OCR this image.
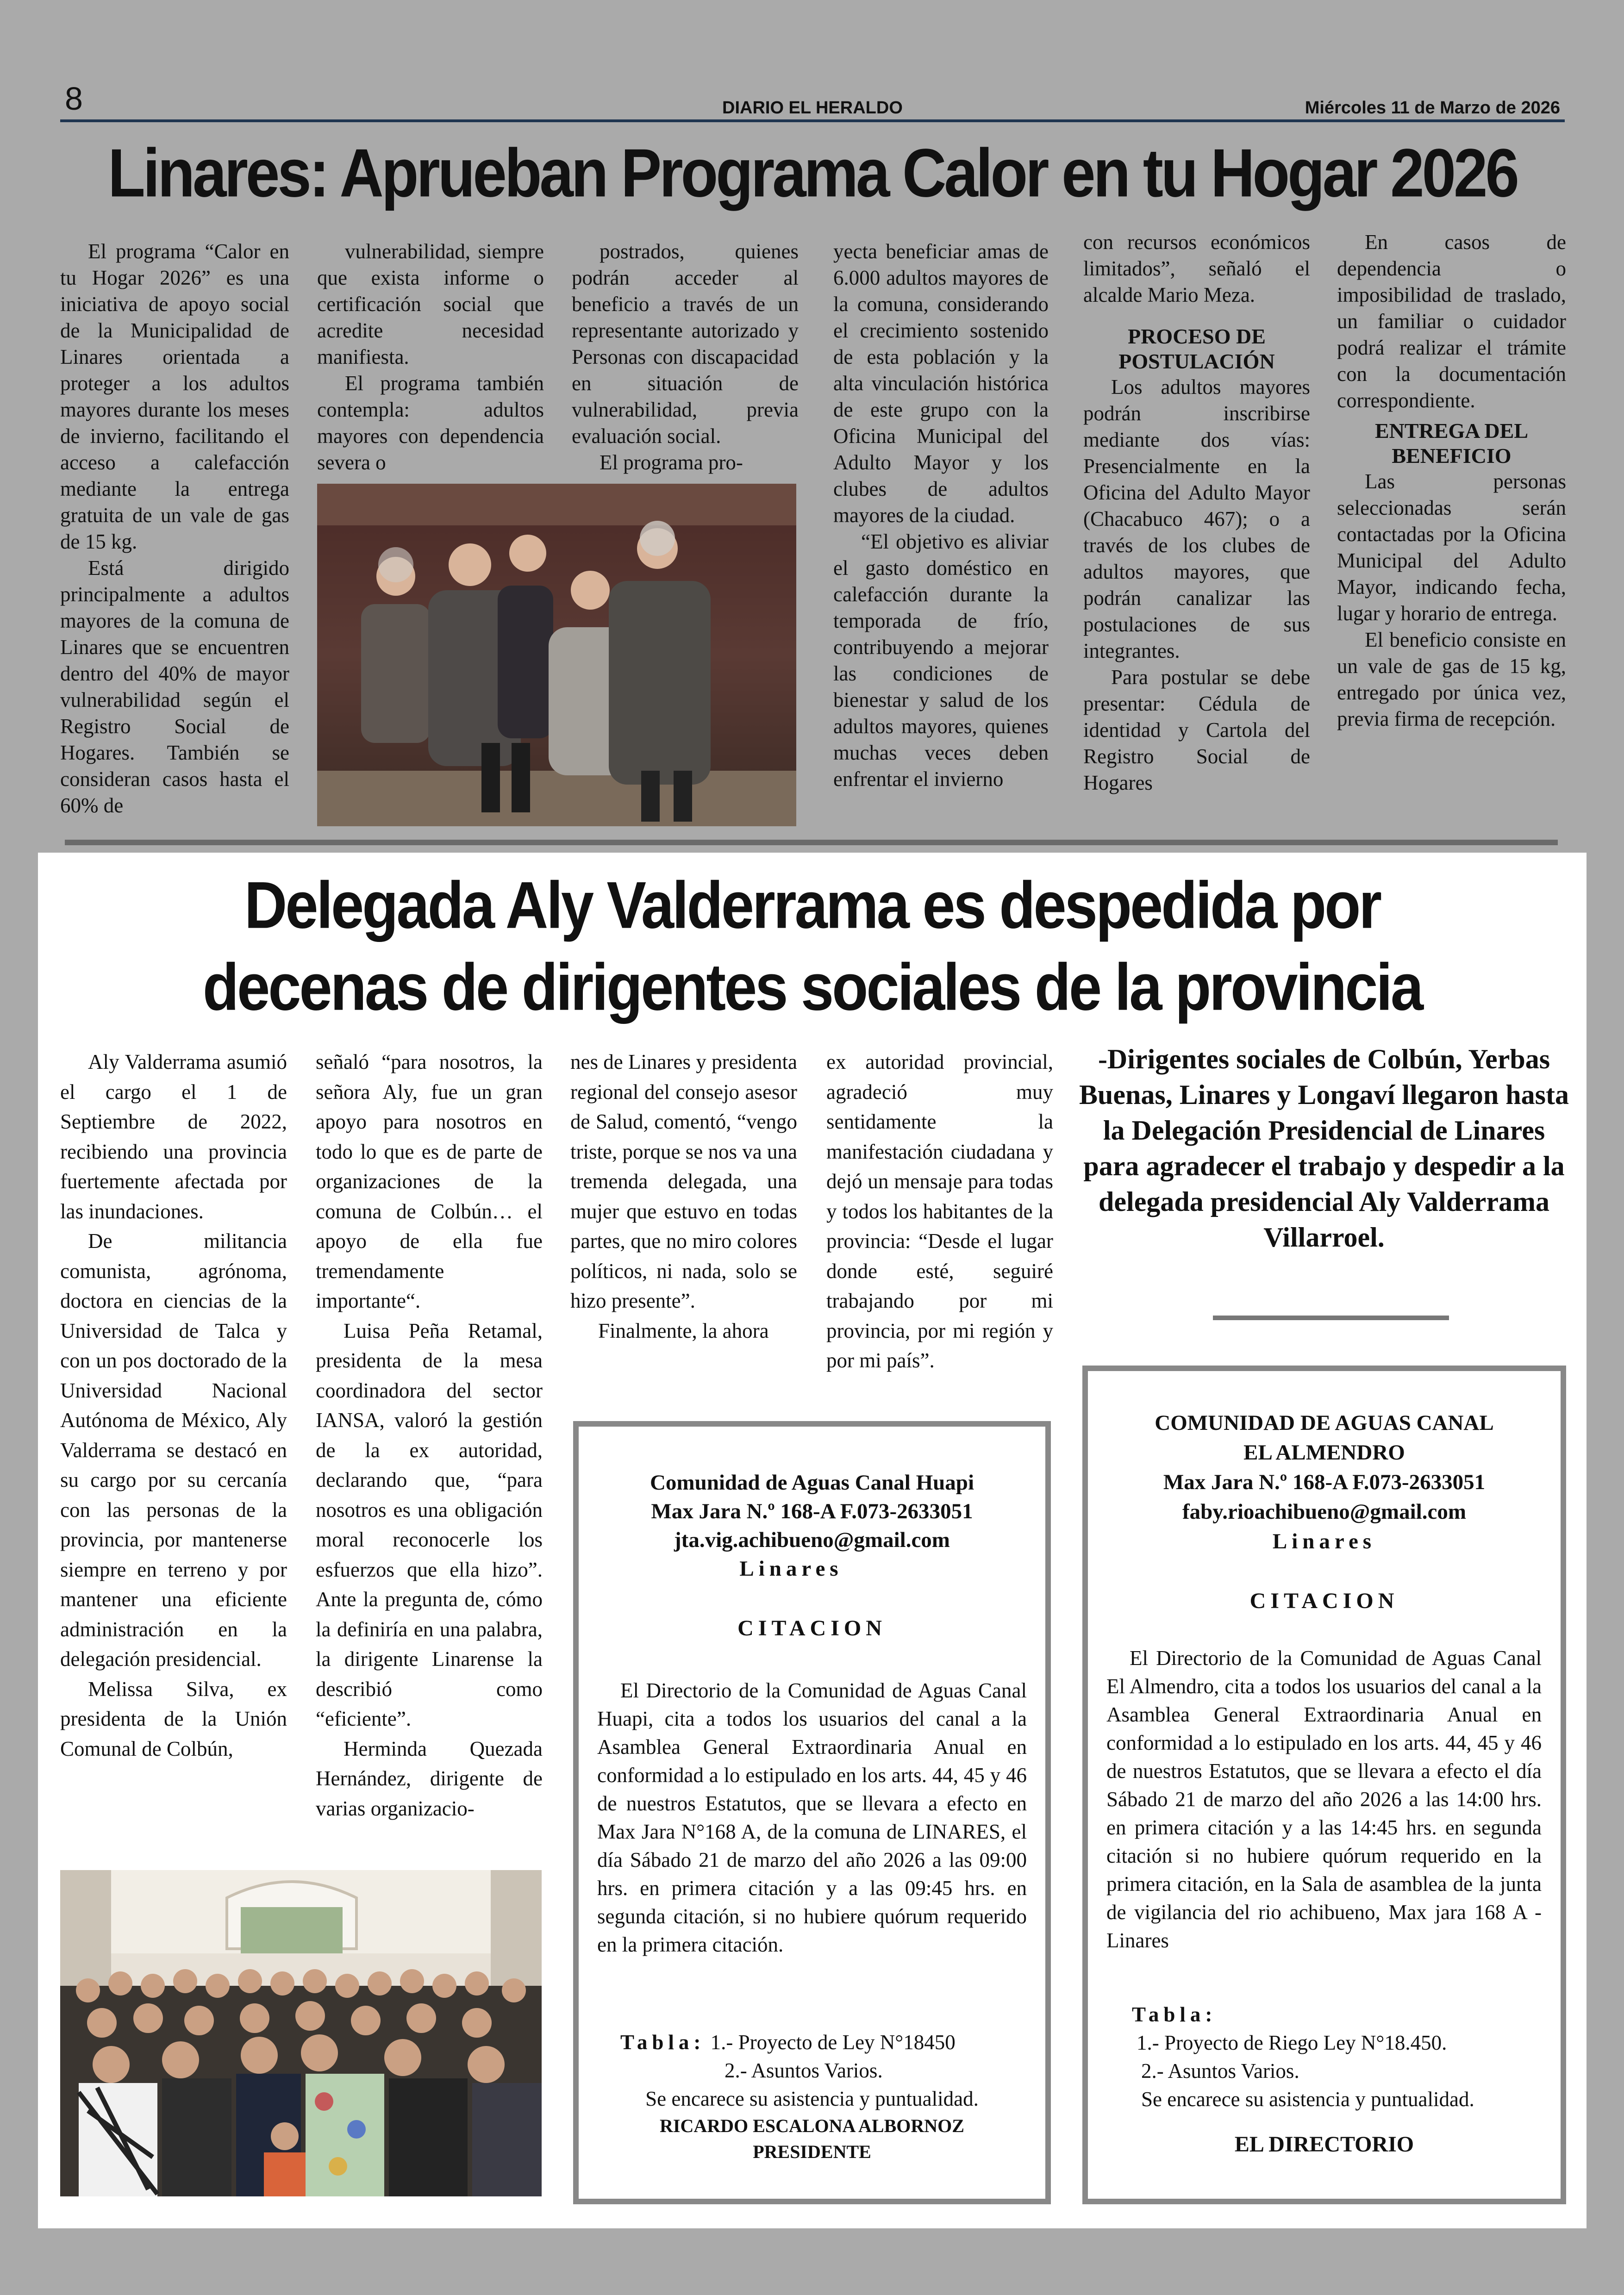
8	DIARIO EL HERALDO	Miércoles 11 de Marzo de 2026
Linares: Aprueban Programa Calor en tu Hogar 2026

El programa “Calor en tu Hogar 2026” es una iniciativa de apoyo social de la Municipalidad de Linares orientada a proteger a los adultos mayores durante los meses de invierno, facilitando el acceso a calefacción mediante la entrega gratuita de un vale de gas de 15 kg.

Está dirigido principalmente a adultos mayores de la comuna de Linares que se encuentren dentro del 40% de mayor vulnerabilidad según el Registro Social de Hogares. También se consideran casos hasta el 60% de

vulnerabilidad, siempre que exista informe o certificación social que acredite necesidad manifiesta.

El programa también contempla: adultos mayores con dependencia severa o

postrados, quienes podrán acceder al beneficio a través de un representante autorizado y Personas con discapacidad en situación de vulnerabilidad, previa evaluación social.

El programa pro-

yecta beneficiar amas de 6.000 adultos mayores de la comuna, considerando el crecimiento sostenido de esta población y la alta vinculación histórica de este grupo con la Oficina Municipal del Adulto Mayor y los clubes de adultos mayores de la ciudad.

“El objetivo es aliviar el gasto doméstico en calefacción durante la temporada de frío, contribuyendo a mejorar las condiciones de bienestar y salud de los adultos mayores, quienes muchas veces deben enfrentar el invierno

con recursos económicos limitados”, señaló el alcalde Mario Meza.

PROCESO DE POSTULACIÓN

Los adultos mayores podrán inscribirse mediante dos vías: Presencialmente en la Oficina del Adulto Mayor (Chacabuco 467); o a través de los clubes de adultos mayores, que podrán canalizar las postulaciones de sus integrantes.

Para postular se debe presentar: Cédula de identidad y Cartola del Registro Social de Hogares

En casos de dependencia o imposibilidad de traslado, un familiar o cuidador podrá realizar el trámite con la documentación correspondiente.

ENTREGA DEL BENEFICIO

Las personas seleccionadas serán contactadas por la Oficina Municipal del Adulto Mayor, indicando fecha, lugar y horario de entrega.

El beneficio consiste en un vale de gas de 15 kg, entregado por única vez, previa firma de recepción.

Delegada Aly Valderrama es despedida por
decenas de dirigentes sociales de la provincia

Aly Valderrama asumió el cargo el 1 de Septiembre de 2022, recibiendo una provincia fuertemente afectada por las inundaciones.

De militancia comunista, agrónoma, doctora en ciencias de la Universidad de Talca y con un pos doctorado de la Universidad Nacional Autónoma de México, Aly Valderrama se destacó en su cargo por su cercanía con las personas de la provincia, por mantenerse siempre en terreno y por mantener una eficiente administración en la delegación presidencial.

Melissa Silva, ex presidenta de la Unión Comunal de Colbún,

señaló “para nosotros, la señora Aly, fue un gran apoyo para nosotros en todo lo que es de parte de organizaciones de la comuna de Colbún… el apoyo de ella fue tremendamente importante“.

Luisa Peña Retamal, presidenta de la mesa coordinadora del sector IANSA, valoró la gestión de la ex autoridad, declarando que, “para nosotros es una obligación moral reconocerle los esfuerzos que ella hizo”. Ante la pregunta de, cómo la definiría en una palabra, la dirigente Linarense la describió como “eficiente”.

Herminda Quezada Hernández, dirigente de varias organizacio-

nes de Linares y presidenta regional del consejo asesor de Salud, comentó, “vengo triste, porque se nos va una tremenda delegada, una mujer que estuvo en todas partes, que no miro colores políticos, ni nada, solo se hizo presente”.

Finalmente, la ahora

ex autoridad provincial, agradeció muy sentidamente la manifestación ciudadana y dejó un mensaje para todas y todos los habitantes de la provincia: “Desde el lugar donde esté, seguiré trabajando por mi provincia, por mi región y por mi país”.

-Dirigentes sociales de Colbún, Yerbas Buenas, Linares y Longaví llegaron hasta la Delegación Presidencial de Linares para agradecer el trabajo y despedir a la delegada presidencial Aly Valderrama Villarroel.
Comunidad de Aguas Canal Huapi
Max Jara N.º 168-A F.073-2633051
jta.vig.achibueno@gmail.com
Linares
CITACION
El Directorio de la Comunidad de Aguas Canal Huapi, cita a todos los usuarios del canal a la Asamblea General Extraordinaria Anual en conformidad a lo estipulado en los arts. 44, 45 y 46 de nuestros Estatutos, que se llevara a efecto en Max Jara N°168 A, de la comuna de LINARES, el día Sábado 21 de marzo del año 2026 a las 09:00 hrs. en primera citación y a las 09:45 hrs. en segunda citación, si no hubiere quórum requerido en la primera citación.
Tabla: 1.- Proyecto de Ley N°18450
2.- Asuntos Varios.
Se encarece su asistencia y puntualidad.
RICARDO ESCALONA ALBORNOZ
PRESIDENTE
COMUNIDAD DE AGUAS CANAL
EL ALMENDRO
Max Jara N.º 168-A F.073-2633051
faby.rioachibueno@gmail.com
Linares
CITACION
El Directorio de la Comunidad de Aguas Canal El Almendro, cita a todos los usuarios del canal a la Asamblea General Extraordinaria Anual en conformidad a lo estipulado en los arts. 44, 45 y 46 de nuestros Estatutos, que se llevara a efecto el día Sábado 21 de marzo del año 2026 a las 14:00 hrs. en primera citación y a las 14:45 hrs. en segunda citación si no hubiere quórum requerido en la primera citación, en la Sala de asamblea de la junta de vigilancia del rio achibueno, Max jara 168 A - Linares
Tabla:
1.- Proyecto de Riego Ley N°18.450.
2.- Asuntos Varios.
Se encarece su asistencia y puntualidad.
EL DIRECTORIO
